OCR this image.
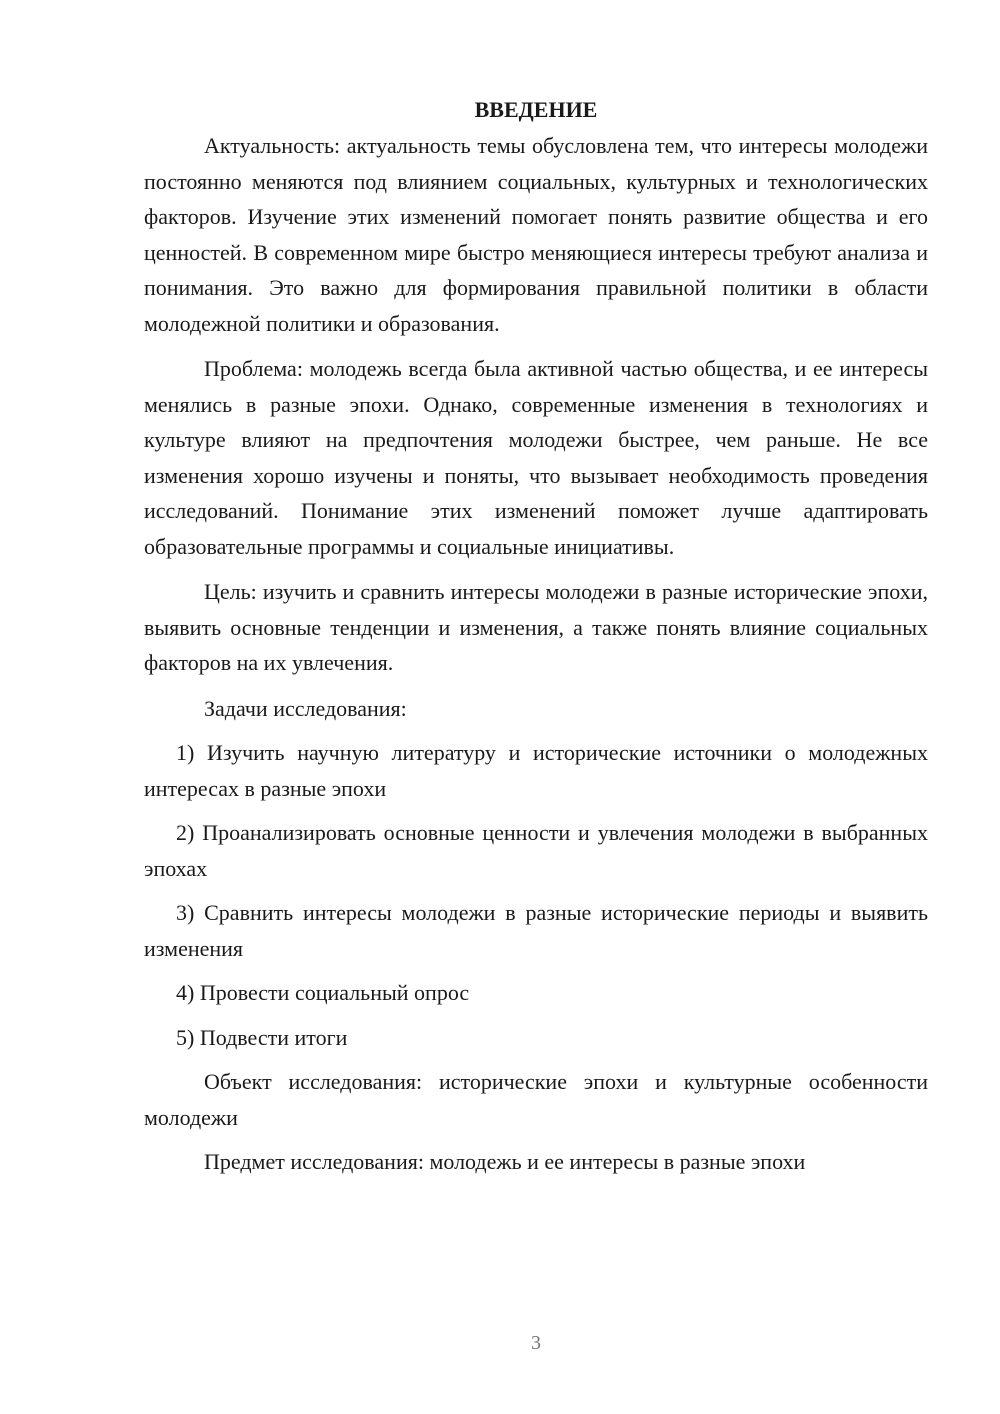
ВВЕДЕНИЕ

Актуальность: актуальность темы обусловлена тем, что интересы молодежи постоянно меняются под влиянием социальных, культурных и технологических факторов. Изучение этих изменений помогает понять развитие общества и его ценностей. В современном мире быстро меняющиеся интересы требуют анализа и понимания. Это важно для формирования правильной политики в области молодежной политики и образования.

Проблема: молодежь всегда была активной частью общества, и ее интересы менялись в разные эпохи. Однако, современные изменения в технологиях и культуре влияют на предпочтения молодежи быстрее, чем раньше. Не все изменения хорошо изучены и поняты, что вызывает необходимость проведения исследований. Понимание этих изменений поможет лучше адаптировать образовательные программы и социальные инициативы.

Цель: изучить и сравнить интересы молодежи в разные исторические эпохи, выявить основные тенденции и изменения, а также понять влияние социальных факторов на их увлечения.

Задачи исследования:

1) Изучить научную литературу и исторические источники о молодежных интересах в разные эпохи

2) Проанализировать основные ценности и увлечения молодежи в выбранных эпохах

3) Сравнить интересы молодежи в разные исторические периоды и выявить изменения

4) Провести социальный опрос

5) Подвести итоги

Объект исследования: исторические эпохи и культурные особенности молодежи

Предмет исследования: молодежь и ее интересы в разные эпохи

3
